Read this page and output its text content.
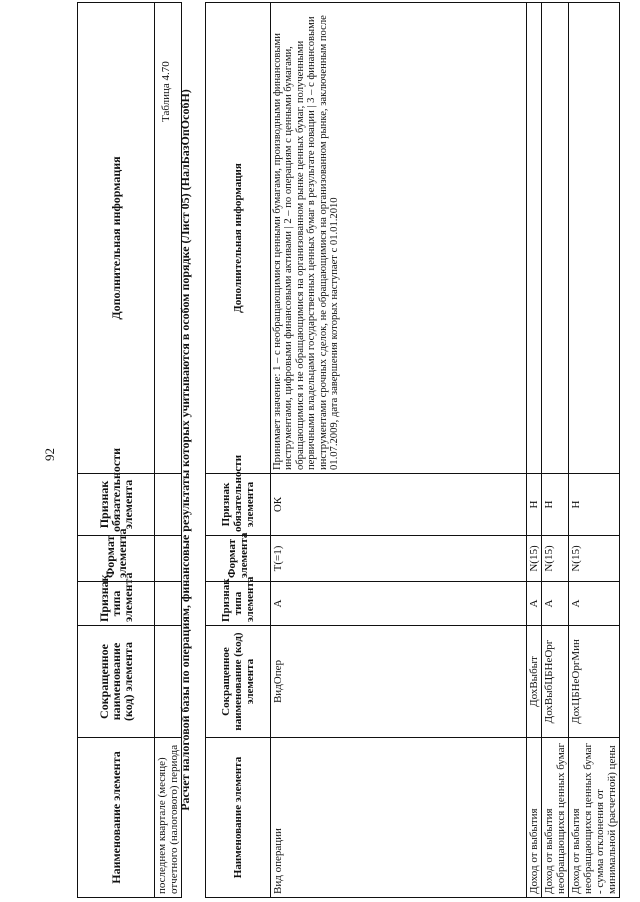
92
Наименование элемента	Сокращенное наименование (код) элемента	Признак типа элемента	Формат элемента	Признак обязательности элемента	Дополнительная информация
последнем квартале (месяце) отчетного (налогового) периода					
Таблица 4.70 Расчет налоговой базы по операциям, финансовые результаты которых учитываются в особом порядке (Лист 05) (НалБазОпОсобН)
Наименование элемента	Сокращенное наименование (код) элемента	Признак типа элемента	Формат элемента	Признак обязательности элемента	Дополнительная информация
Вид операции	ВидОпер	А	Т(=1)	ОК	Принимает значение: 1 – с необращающимися ценными бумагами, производными финансовыми инструментами, цифровыми финансовыми активами | 2 – по операциям с ценными бумагами, обращающимися и не обращающимися на организованном рынке ценных бумаг, полученными первичными владельцами государственных ценных бумаг в результате новации | 3 – с финансовыми инструментами срочных сделок, не обращающимися на организованном рынке, заключенным после 01.07.2009, дата завершения которых наступает с 01.01.2010
Доход от выбытия	ДохВыбыт	А	N(15)	Н	
Доход от выбытия необращающихся ценных бумаг	ДохВыбЦБНеОрг	А	N(15)	Н	
Доход от выбытия необращающихся ценных бумаг - сумма отклонения от минимальной (расчетной) цены	ДохЦБНеОргМин	А	N(15)	Н	
